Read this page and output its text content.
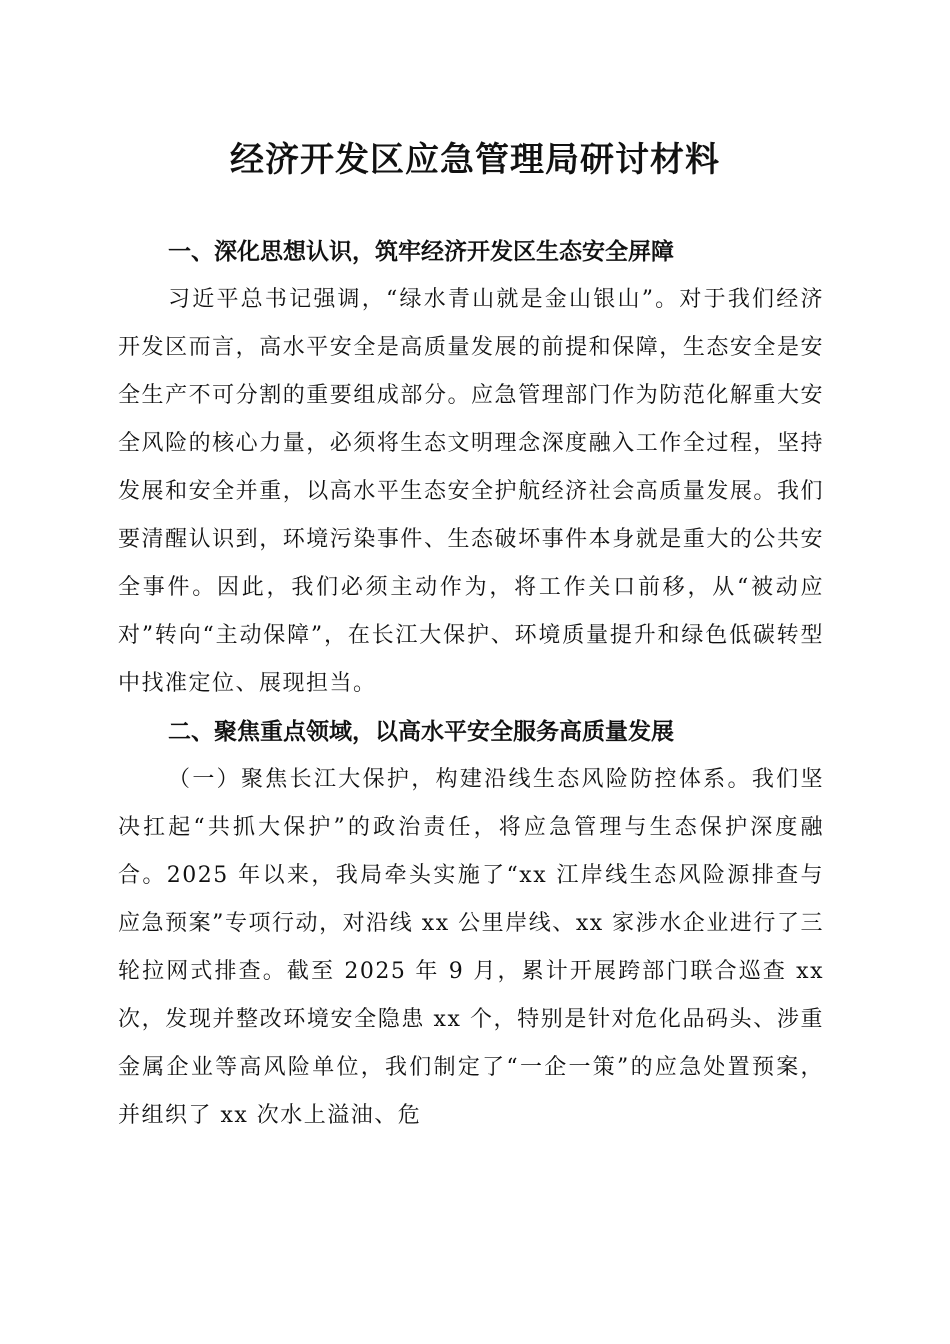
经济开发区应急管理局研讨材料
一、深化思想认识，筑牢经济开发区生态安全屏障

习近平总书记强调，“绿水青山就是金山银山”。对于我们经济开发区而言，高水平安全是高质量发展的前提和保障，生态安全是安全生产不可分割的重要组成部分。应急管理部门作为防范化解重大安全风险的核心力量，必须将生态文明理念深度融入工作全过程，坚持发展和安全并重，以高水平生态安全护航经济社会高质量发展。我们要清醒认识到，环境污染事件、生态破坏事件本身就是重大的公共安全事件。因此，我们必须主动作为，将工作关口前移，从“被动应对”转向“主动保障”，在长江大保护、环境质量提升和绿色低碳转型中找准定位、展现担当。

二、聚焦重点领域，以高水平安全服务高质量发展

（一）聚焦长江大保护，构建沿线生态风险防控体系。我们坚决扛起“共抓大保护”的政治责任，将应急管理与生态保护深度融合。2025 年以来，我局牵头实施了“xx 江岸线生态风险源排查与应急预案”专项行动，对沿线 xx 公里岸线、xx 家涉水企业进行了三轮拉网式排查。截至 2025 年 9 月，累计开展跨部门联合巡查 xx 次，发现并整改环境安全隐患 xx 个，特别是针对危化品码头、涉重金属企业等高风险单位，我们制定了“一企一策”的应急处置预案，并组织了 xx 次水上溢油、危
